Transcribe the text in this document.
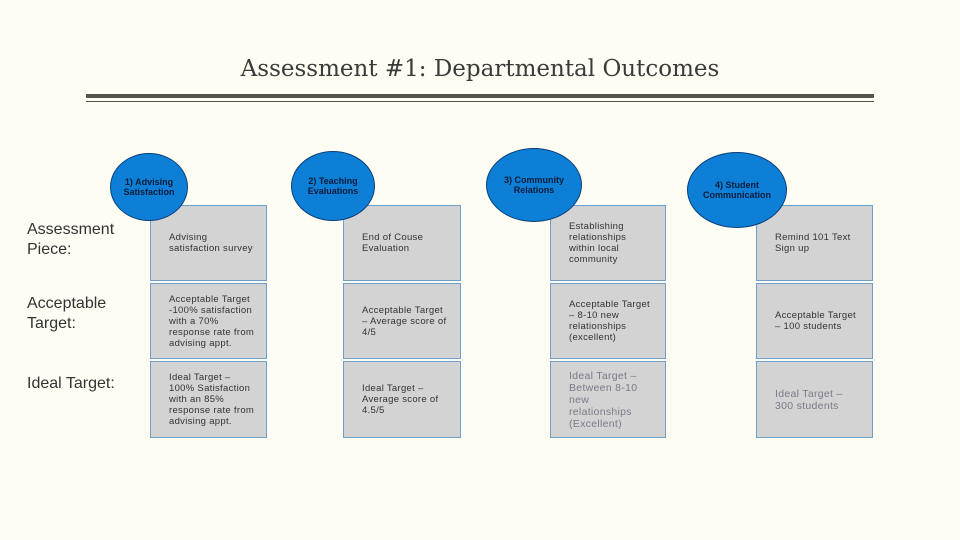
Assessment #1: Departmental Outcomes
Advising satisfaction survey
End of Couse Evaluation
Establishing relationships within local community
Remind 101 Text Sign up
Acceptable Target -100% satisfaction with a 70% response rate from advising appt.
Acceptable Target – Average score of 4/5
Acceptable Target – 8-10 new relationships (excellent)
Acceptable Target – 100 students
Ideal Target – 100% Satisfaction with an 85% response rate from advising appt.
Ideal Target – Average score of 4.5/5
Ideal Target – Between 8-10 new relationships (Excellent)
Ideal Target – 300 students
1) Advising Satisfaction
2) Teaching Evaluations
3) Community Relations	4) Student Communication
Assessment Piece:
Acceptable Target:
Ideal Target:
